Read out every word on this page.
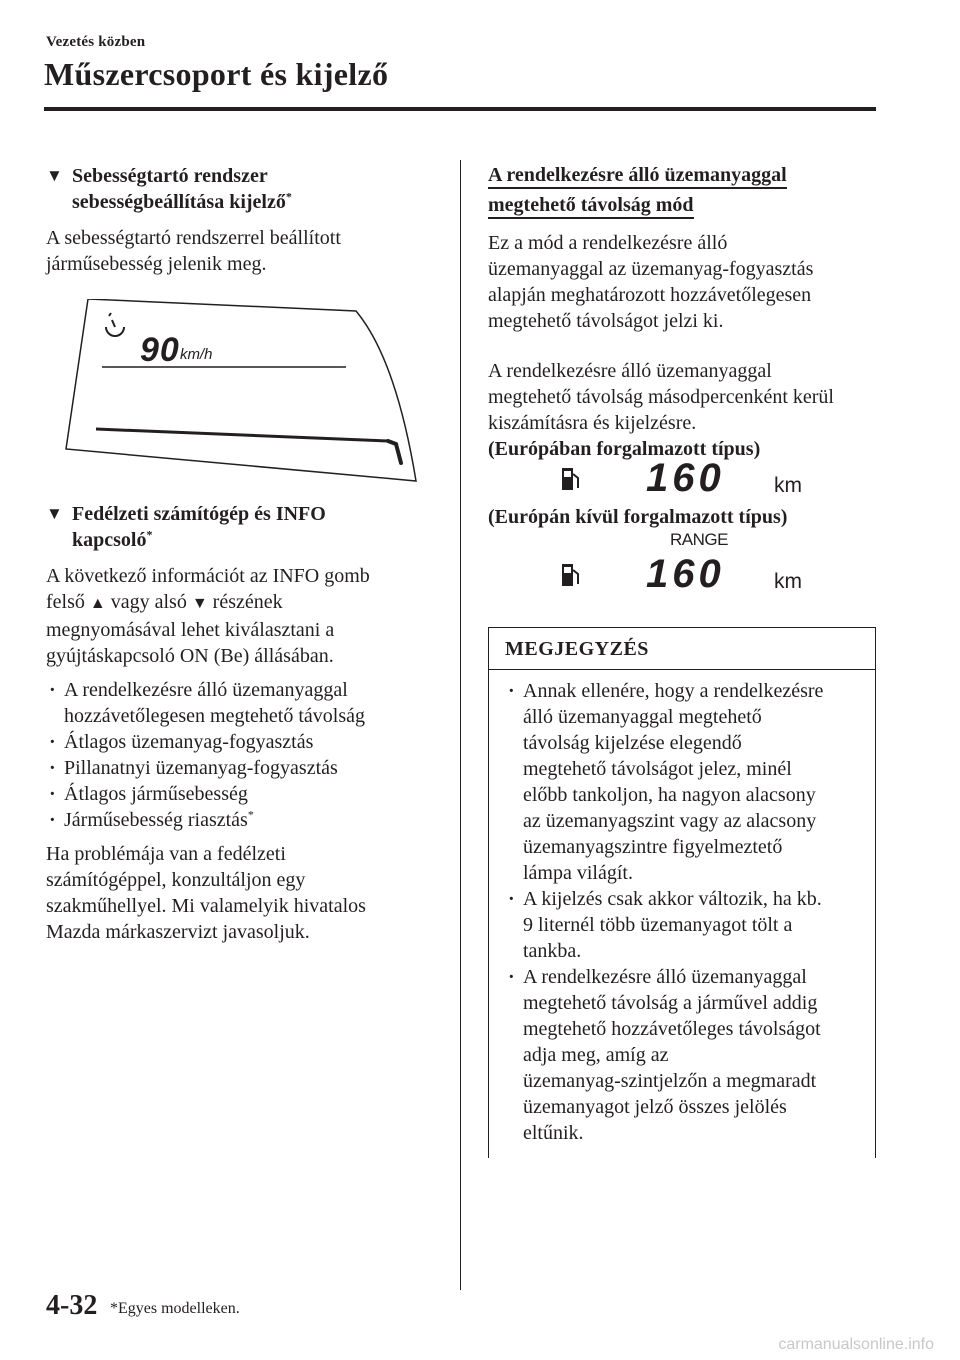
Vezetés közben
Műszercsoport és kijelző
▼ Sebességtartó rendszer
sebességbeállítása kijelző*

A sebességtartó rendszerrel beállított
járműsebesség jelenik meg.

90 km/h
▼ Fedélzeti számítógép és INFO
kapcsoló*

A következő információt az INFO gomb
felső ▲ vagy alsó ▼ részének
megnyomásával lehet kiválasztani a
gyújtáskapcsoló ON (Be) állásában.

· A rendelkezésre álló üzemanyaggal
hozzávetőlegesen megtehető távolság
· Átlagos üzemanyag-fogyasztás
· Pillanatnyi üzemanyag-fogyasztás
· Átlagos járműsebesség
· Járműsebesség riasztás*

Ha problémája van a fedélzeti
számítógéppel, konzultáljon egy
szakműhellyel. Mi valamelyik hivatalos
Mazda márkaszervizt javasoljuk.

A rendelkezésre álló üzemanyaggal
megtehető távolság mód

Ez a mód a rendelkezésre álló
üzemanyaggal az üzemanyag-fogyasztás
alapján meghatározott hozzávetőlegesen
megtehető távolságot jelzi ki.

A rendelkezésre álló üzemanyaggal
megtehető távolság másodpercenként kerül
kiszámításra és kijelzésre.

(Európában forgalmazott típus)
160 km
(Európán kívül forgalmazott típus)
RANGE
160 km
MEGJEGYZÉS
· Annak ellenére, hogy a rendelkezésre
álló üzemanyaggal megtehető
távolság kijelzése elegendő
megtehető távolságot jelez, minél
előbb tankoljon, ha nagyon alacsony
az üzemanyagszint vagy az alacsony
üzemanyagszintre figyelmeztető
lámpa világít.
· A kijelzés csak akkor változik, ha kb.
9 liternél több üzemanyagot tölt a
tankba.
· A rendelkezésre álló üzemanyaggal
megtehető távolság a járművel addig
megtehető hozzávetőleges távolságot
adja meg, amíg az
üzemanyag-szintjelzőn a megmaradt
üzemanyagot jelző összes jelölés
eltűnik.
4-32 *Egyes modelleken.
carmanualsonline.info
